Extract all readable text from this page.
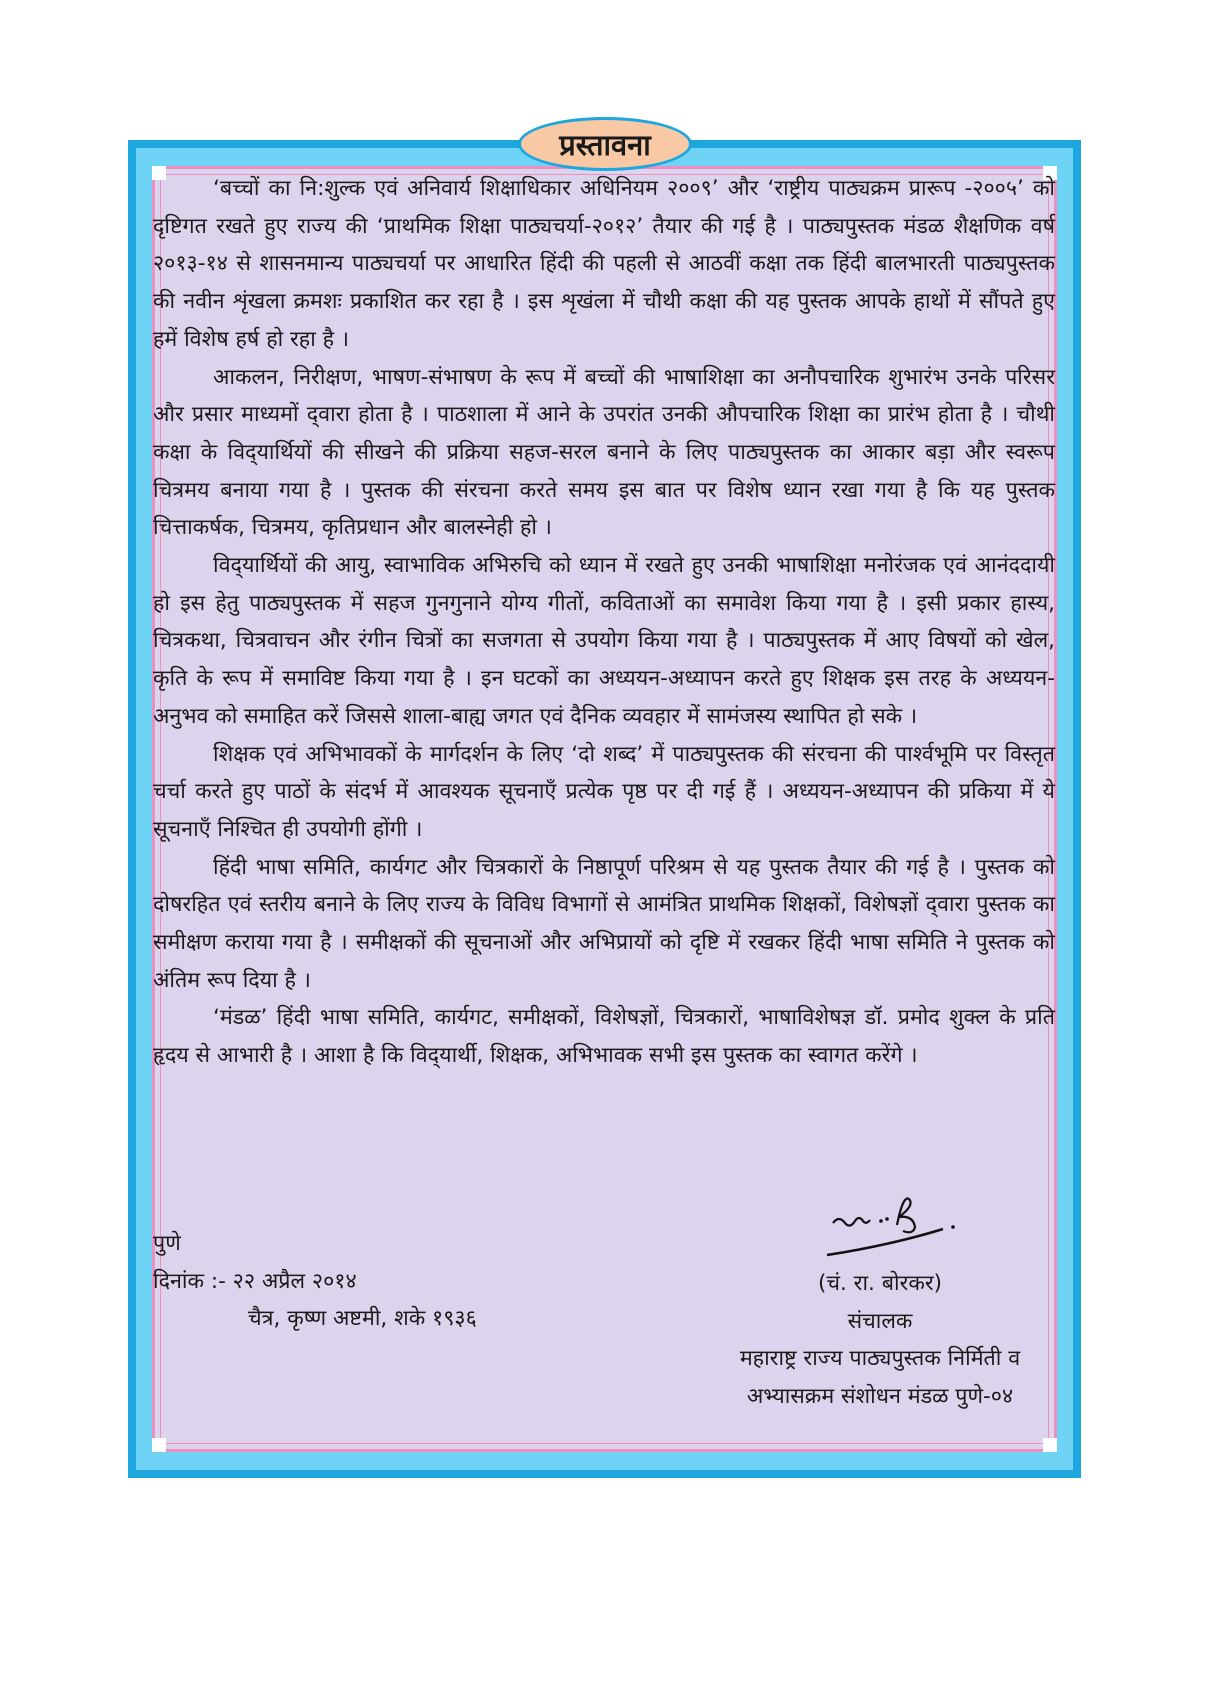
प्रस्तावना

‘बच्चों का नि:शुल्क एवं अनिवार्य शिक्षाधिकार अधिनियम २००९’ और ‘राष्ट्रीय पाठ्यक्रम प्रारूप -२००५’ को दृष्टिगत रखते हुए राज्य की ‘प्राथमिक शिक्षा पाठ्यचर्या-२०१२’ तैयार की गई है । पाठ्यपुस्तक मंडळ शैक्षणिक वर्ष २०१३-१४ से शासनमान्य पाठ्यचर्या पर आधारित हिंदी की पहली से आठवीं कक्षा तक हिंदी बालभारती पाठ्यपुस्तक की नवीन शृंखला क्रमशः प्रकाशित कर रहा है । इस शृखंला में चौथी कक्षा की यह पुस्तक आपके हाथों में सौंपते हुए हमें विशेष हर्ष हो रहा है ।

आकलन, निरीक्षण, भाषण-संभाषण के रूप में बच्चों की भाषाशिक्षा का अनौपचारिक शुभारंभ उनके परिसर और प्रसार माध्यमों द्‌वारा होता है । पाठशाला में आने के उपरांत उनकी औपचारिक शिक्षा का प्रारंभ होता है । चौथी कक्षा के विद्‌यार्थियों की सीखने की प्रक्रिया सहज-सरल बनाने के लिए पाठ्यपुस्तक का आकार बड़ा और स्वरूप चित्रमय बनाया गया है । पुस्तक की संरचना करते समय इस बात पर विशेष ध्यान रखा गया है कि यह पुस्तक चित्ताकर्षक, चित्रमय, कृतिप्रधान और बालस्नेही हो ।

विद्‌यार्थियों की आयु, स्वाभाविक अभिरुचि को ध्यान में रखते हुए उनकी भाषाशिक्षा मनोरंजक एवं आनंददायी हो इस हेतु पाठ्यपुस्तक में सहज गुनगुनाने योग्य गीतों, कविताओं का समावेश किया गया है । इसी प्रकार हास्य, चित्रकथा, चित्रवाचन और रंगीन चित्रों का सजगता से उपयोग किया गया है । पाठ्यपुस्तक में आए विषयों को खेल, कृति के रूप में समाविष्ट किया गया है । इन घटकों का अध्ययन-अध्यापन करते हुए शिक्षक इस तरह के अध्ययन-अनुभव को समाहित करें जिससे शाला-बाह्य जगत एवं दैनिक व्यवहार में सामंजस्य स्थापित हो सके ।

शिक्षक एवं अभिभावकों के मार्गदर्शन के लिए ‘दो शब्द’ में पाठ्यपुस्तक की संरचना की पार्श्वभूमि पर विस्तृत चर्चा करते हुए पाठों के संदर्भ में आवश्यक सूचनाएँ प्रत्येक पृष्ठ पर दी गई हैं । अध्ययन-अध्यापन की प्रकिया में ये सूचनाएँ निश्चित ही उपयोगी होंगी ।

हिंदी भाषा समिति, कार्यगट और चित्रकारों के निष्ठापूर्ण परिश्रम से यह पुस्तक तैयार की गई है । पुस्तक को दोषरहित एवं स्तरीय बनाने के लिए राज्य के विविध विभागों से आमंत्रित प्राथमिक शिक्षकों, विशेषज्ञों द्‌वारा पुस्तक का समीक्षण कराया गया है । समीक्षकों की सूचनाओं और अभिप्रायों को दृष्टि में रखकर हिंदी भाषा समिति ने पुस्तक को अंतिम रूप दिया है ।

‘मंडळ’ हिंदी भाषा समिति, कार्यगट, समीक्षकों, विशेषज्ञों, चित्रकारों, भाषाविशेषज्ञ डॉ. प्रमोद शुक्ल के प्रति हृदय से आभारी है । आशा है कि विद्‌यार्थी, शिक्षक, अभिभावक सभी इस पुस्तक का स्वागत करेंगे ।

पुणे
दिनांक :- २२ अप्रैल २०१४
चैत्र, कृष्ण अष्टमी, शके १९३६
(चं. रा. बोरकर)
संचालक
महाराष्ट्र राज्य पाठ्यपुस्तक निर्मिती व
अभ्यासक्रम संशोधन मंडळ पुणे-०४
